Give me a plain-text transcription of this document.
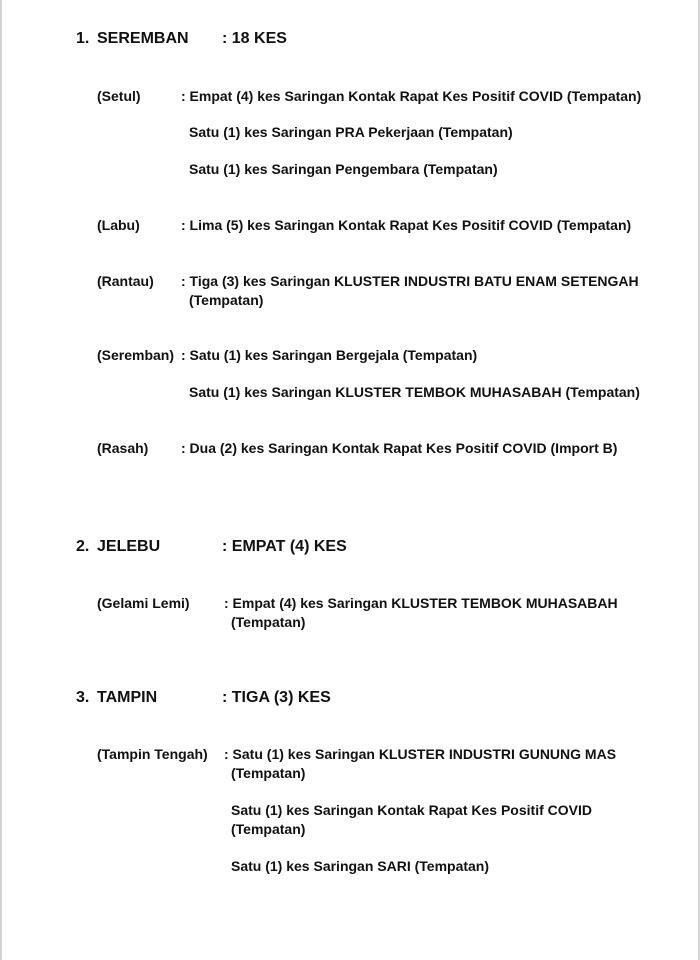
1. SEREMBAN : 18 KES
(Setul)	: Empat (4) kes Saringan Kontak Rapat Kes Positif COVID (Tempatan)
Satu (1) kes Saringan PRA Pekerjaan (Tempatan)
Satu (1) kes Saringan Pengembara (Tempatan)
(Labu)	: Lima (5) kes Saringan Kontak Rapat Kes Positif COVID (Tempatan)
(Rantau) : Tiga (3) kes Saringan KLUSTER INDUSTRI BATU ENAM SETENGAH
(Tempatan)
(Seremban) : Satu (1) kes Saringan Bergejala (Tempatan)
Satu (1) kes Saringan KLUSTER TEMBOK MUHASABAH (Tempatan)
(Rasah) : Dua (2) kes Saringan Kontak Rapat Kes Positif COVID (Import B)
2. JELEBU	: EMPAT (4) KES
(Gelami Lemi) : Empat (4) kes Saringan KLUSTER TEMBOK MUHASABAH
(Tempatan)
3. TAMPIN	: TIGA (3) KES
(Tampin Tengah) : Satu (1) kes Saringan KLUSTER INDUSTRI GUNUNG MAS
(Tempatan)
Satu (1) kes Saringan Kontak Rapat Kes Positif COVID
(Tempatan)
Satu (1) kes Saringan SARI (Tempatan)
